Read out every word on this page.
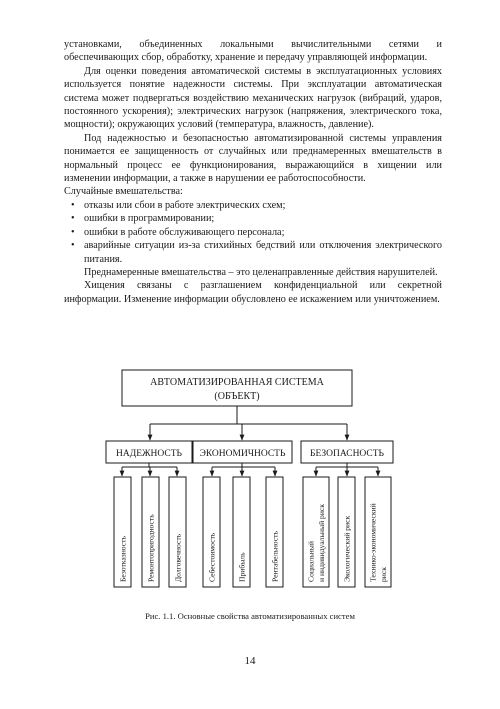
установками, объединенных локальными вычислительными сетями и обеспечивающих сбор, обработку, хранение и передачу управляющей информации.

Для оценки поведения автоматической системы в эксплуатационных условиях используется понятие надежности системы. При эксплуатации автоматическая система может подвергаться воздействию механических нагрузок (вибраций, ударов, постоянного ускорения); электрических нагрузок (напряжения, электрического тока, мощности); окружающих условий (температура, влажность, давление).

Под надежностью и безопасностью автоматизированной системы управления понимается ее защищенность от случайных или преднамеренных вмешательств в нормальный процесс ее функционирования, выражающийся в хищении или изменении информации, а также в нарушении ее работоспособности.

Случайные вмешательства:

• отказы или сбои в работе электрических схем;
• ошибки в программировании;
• ошибки в работе обслуживающего персонала;
• аварийные ситуации из-за стихийных бедствий или отключения электрического питания.

Преднамеренные вмешательства – это целенаправленные действия нарушителей.

Хищения связаны с разглашением конфиденциальной или секретной информации. Изменение информации обусловлено ее искажением или уничтожением.

АВТОМАТИЗИРОВАННАЯ СИСТЕМА
(ОБЪЕКТ)
НАДЕЖНОСТЬ ЭКОНОМИЧНОСТЬ	БЕЗОПАСНОСТЬ
Безотказность	Ремонтопригодность Долговечность	Себестоимость	Прибыль	Рентабельность	Социальный и индивидуальный риск Экологический риск Технико-экономический риск
Рис. 1.1. Основные свойства автоматизированных систем
14
